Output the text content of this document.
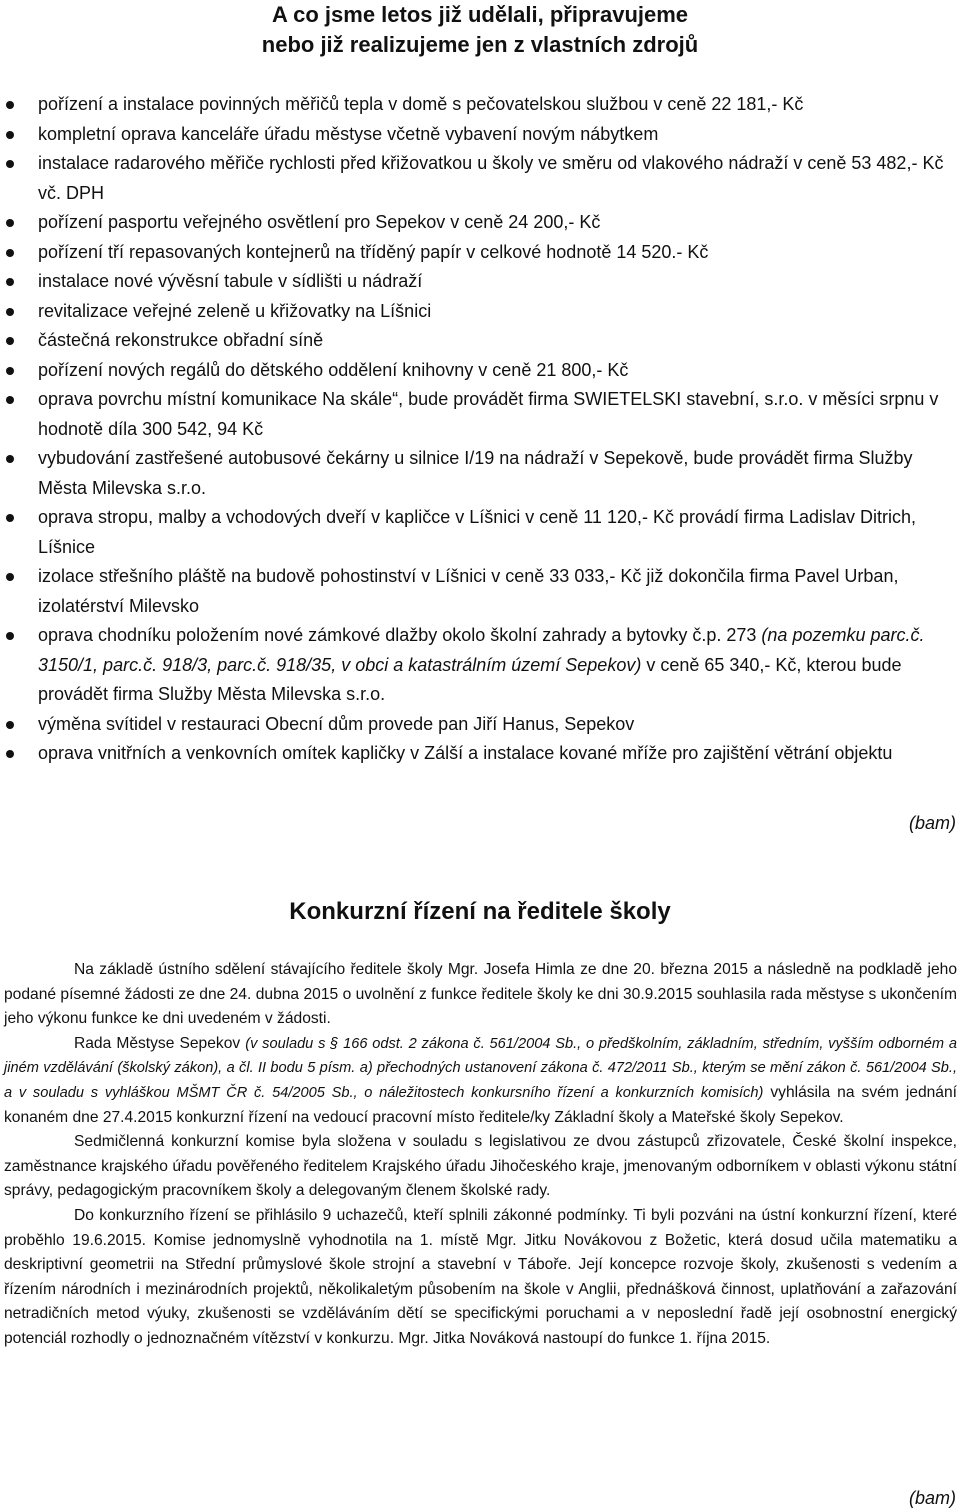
A co jsme letos již udělali, připravujeme
nebo již realizujeme jen z vlastních zdrojů
pořízení a instalace povinných měřičů tepla v domě s pečovatelskou službou v ceně 22 181,- Kč
kompletní oprava kanceláře úřadu městyse včetně vybavení novým nábytkem
instalace radarového měřiče rychlosti před křižovatkou u školy ve směru od vlakového nádraží v ceně 53 482,- Kč vč. DPH
pořízení pasportu veřejného osvětlení pro Sepekov v ceně 24 200,- Kč
pořízení tří repasovaných kontejnerů na tříděný papír v celkové hodnotě 14 520.- Kč
instalace nové vývěsní tabule v sídlišti u nádraží
revitalizace veřejné zeleně u křižovatky na Líšnici
částečná rekonstrukce obřadní síně
pořízení nových regálů do dětského oddělení knihovny v ceně 21 800,- Kč
oprava povrchu místní komunikace Na skále“, bude provádět firma SWIETELSKI stavební, s.r.o. v měsíci srpnu v hodnotě díla 300 542, 94 Kč
vybudování zastřešené autobusové čekárny u silnice I/19 na nádraží v Sepekově, bude provádět firma Služby Města Milevska s.r.o.
oprava stropu, malby a vchodových dveří v kapličce v Líšnici v ceně 11 120,- Kč provádí firma Ladislav Ditrich, Líšnice
izolace střešního pláště na budově pohostinství v Líšnici v ceně 33 033,- Kč již dokončila firma Pavel Urban, izolatérství Milevsko
oprava chodníku položením nové zámkové dlažby okolo školní zahrady a bytovky č.p. 273 (na pozemku parc.č. 3150/1, parc.č. 918/3, parc.č. 918/35, v obci a katastrálním území Sepekov) v ceně 65 340,- Kč, kterou bude provádět firma Služby Města Milevska s.r.o.
výměna svítidel v restauraci Obecní dům provede pan Jiří Hanus, Sepekov
oprava vnitřních a venkovních omítek kapličky v Zálší a instalace kované mříže pro zajištění větrání objektu
(bam)
Konkurzní řízení na ředitele školy

Na základě ústního sdělení stávajícího ředitele školy Mgr. Josefa Himla ze dne 20. března 2015 a následně na podkladě jeho podané písemné žádosti ze dne 24. dubna 2015 o uvolnění z funkce ředitele školy ke dni 30.9.2015 souhlasila rada městyse s ukončením jeho výkonu funkce ke dni uvedeném v žádosti.

Rada Městyse Sepekov (v souladu s § 166 odst. 2 zákona č. 561/2004 Sb., o předškolním, základním, středním, vyšším odborném a jiném vzdělávání (školský zákon), a čl. II bodu 5 písm. a) přechodných ustanovení zákona č. 472/2011 Sb., kterým se mění zákon č. 561/2004 Sb., a v souladu s vyhláškou MŠMT ČR č. 54/2005 Sb., o náležitostech konkursního řízení a konkurzních komisích) vyhlásila na svém jednání konaném dne 27.4.2015 konkurzní řízení na vedoucí pracovní místo ředitele/ky Základní školy a Mateřské školy Sepekov.

Sedmičlenná konkurzní komise byla složena v souladu s legislativou ze dvou zástupců zřizovatele, České školní inspekce, zaměstnance krajského úřadu pověřeného ředitelem Krajského úřadu Jihočeského kraje, jmenovaným odborníkem v oblasti výkonu státní správy, pedagogickým pracovníkem školy a delegovaným členem školské rady.

Do konkurzního řízení se přihlásilo 9 uchazečů, kteří splnili zákonné podmínky. Ti byli pozváni na ústní konkurzní řízení, které proběhlo 19.6.2015. Komise jednomyslně vyhodnotila na 1. místě Mgr. Jitku Novákovou z Božetic, která dosud učila matematiku a deskriptivní geometrii na Střední průmyslové škole strojní a stavební v Táboře. Její koncepce rozvoje školy, zkušenosti s vedením a řízením národních i mezinárodních projektů, několikaletým působením na škole v Anglii, přednášková činnost, uplatňování a zařazování netradičních metod výuky, zkušenosti se vzděláváním dětí se specifickými poruchami a v neposlední řadě její osobnostní energický potenciál rozhodly o jednoznačném vítězství v konkurzu. Mgr. Jitka Nováková nastoupí do funkce 1. října 2015.

(bam)
